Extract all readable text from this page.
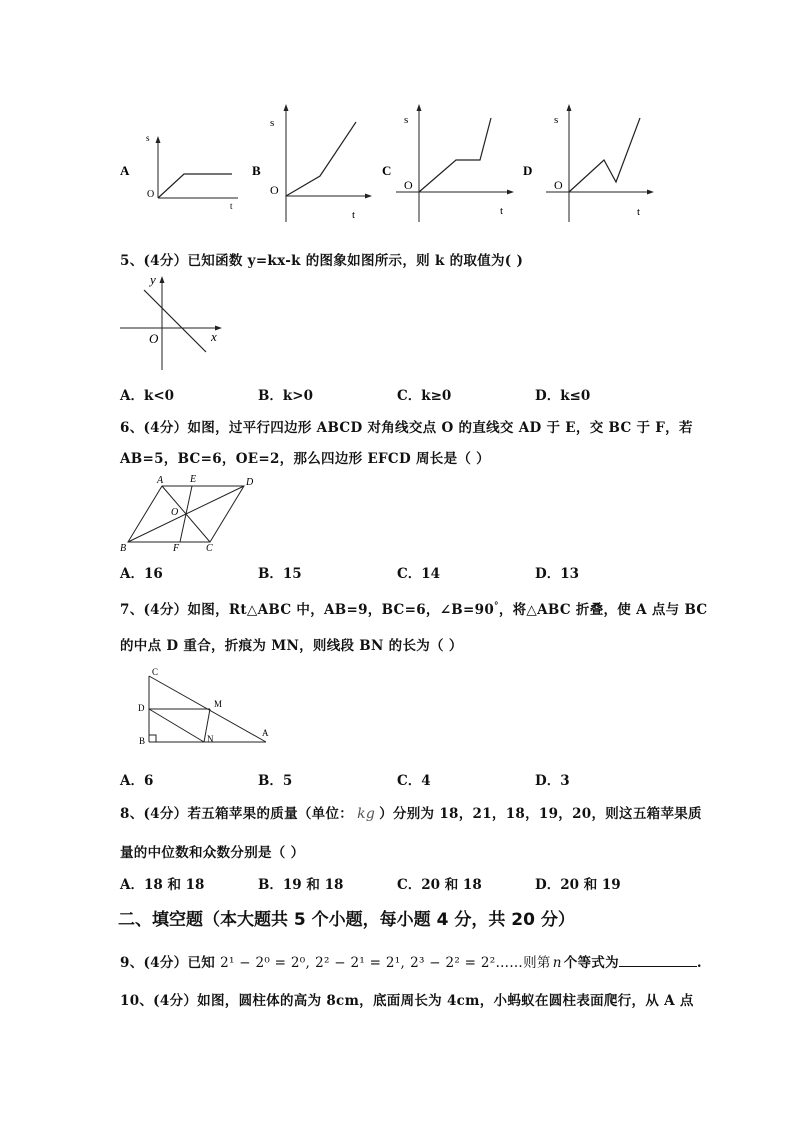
A
s
O
t
B
s
O
t
C
s
O
t
D
s
O
t
5、(4分）已知函数 y=kx-k 的图象如图所示，则 k 的取值为( )
y
O	x
A．k<0	B．k>0	C．k≥0	D．k≤0
6、(4分）如图，过平行四边形 ABCD 对角线交点 O 的直线交 AD 于 E，交 BC 于 F，若
AB=5，BC=6，OE=2，那么四边形 EFCD 周长是（ ）
A	E	D
O
B	F	C
A．16	B．15	C．14	D．13
7、(4分）如图，Rt△ABC 中，AB=9，BC=6，∠B=90°，将△ABC 折叠，使 A 点与 BC
的中点 D 重合，折痕为 MN，则线段 BN 的长为（ ）
C
D	M
B	N
A
A．6	B．5	C．4	D．3
8、(4分）若五箱苹果的质量（单位： kg ）分别为 18，21，18，19，20，则这五箱苹果质
量的中位数和众数分别是（ ）
A．18 和 18	B．19 和 18	C．20 和 18	D．20 和 19
二、填空题（本大题共 5 个小题，每小题 4 分，共 20 分）
9、(4分）已知 2¹ − 2⁰ = 2⁰, 2² − 2¹ = 2¹, 2³ − 2² = 2²……则第 n 个等式为	.
10、(4分）如图，圆柱体的高为 8cm，底面周长为 4cm，小蚂蚁在圆柱表面爬行，从 A 点
